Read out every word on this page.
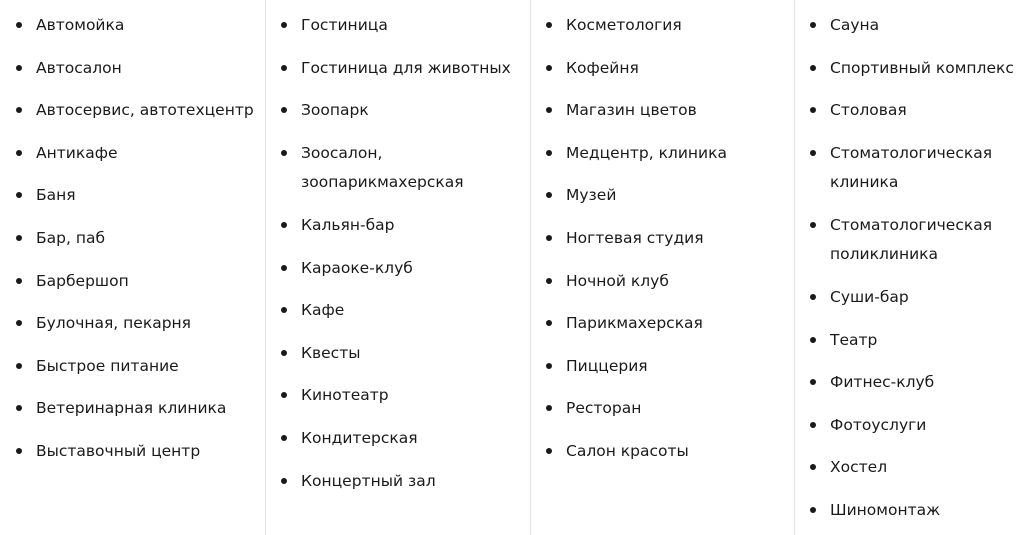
Автомойка
Автосалон
Автосервис, автотехцентр
Антикафе
Баня
Бар, паб
Барбершоп
Булочная, пекарня
Быстрое питание
Ветеринарная клиника
Выставочный центр
Гостиница
Гостиница для животных
Зоопарк
Зоосалон,
зоопарикмахерская
Кальян-бар
Караоке-клуб
Кафе
Квесты
Кинотеатр
Кондитерская
Концертный зал
Косметология
Кофейня
Магазин цветов
Медцентр, клиника
Музей
Ногтевая студия
Ночной клуб
Парикмахерская
Пиццерия
Ресторан
Салон красоты
Сауна
Спортивный комплекс
Столовая
Стоматологическая
клиника
Стоматологическая
поликлиника
Суши-бар
Театр
Фитнес-клуб
Фотоуслуги
Хостел
Шиномонтаж
